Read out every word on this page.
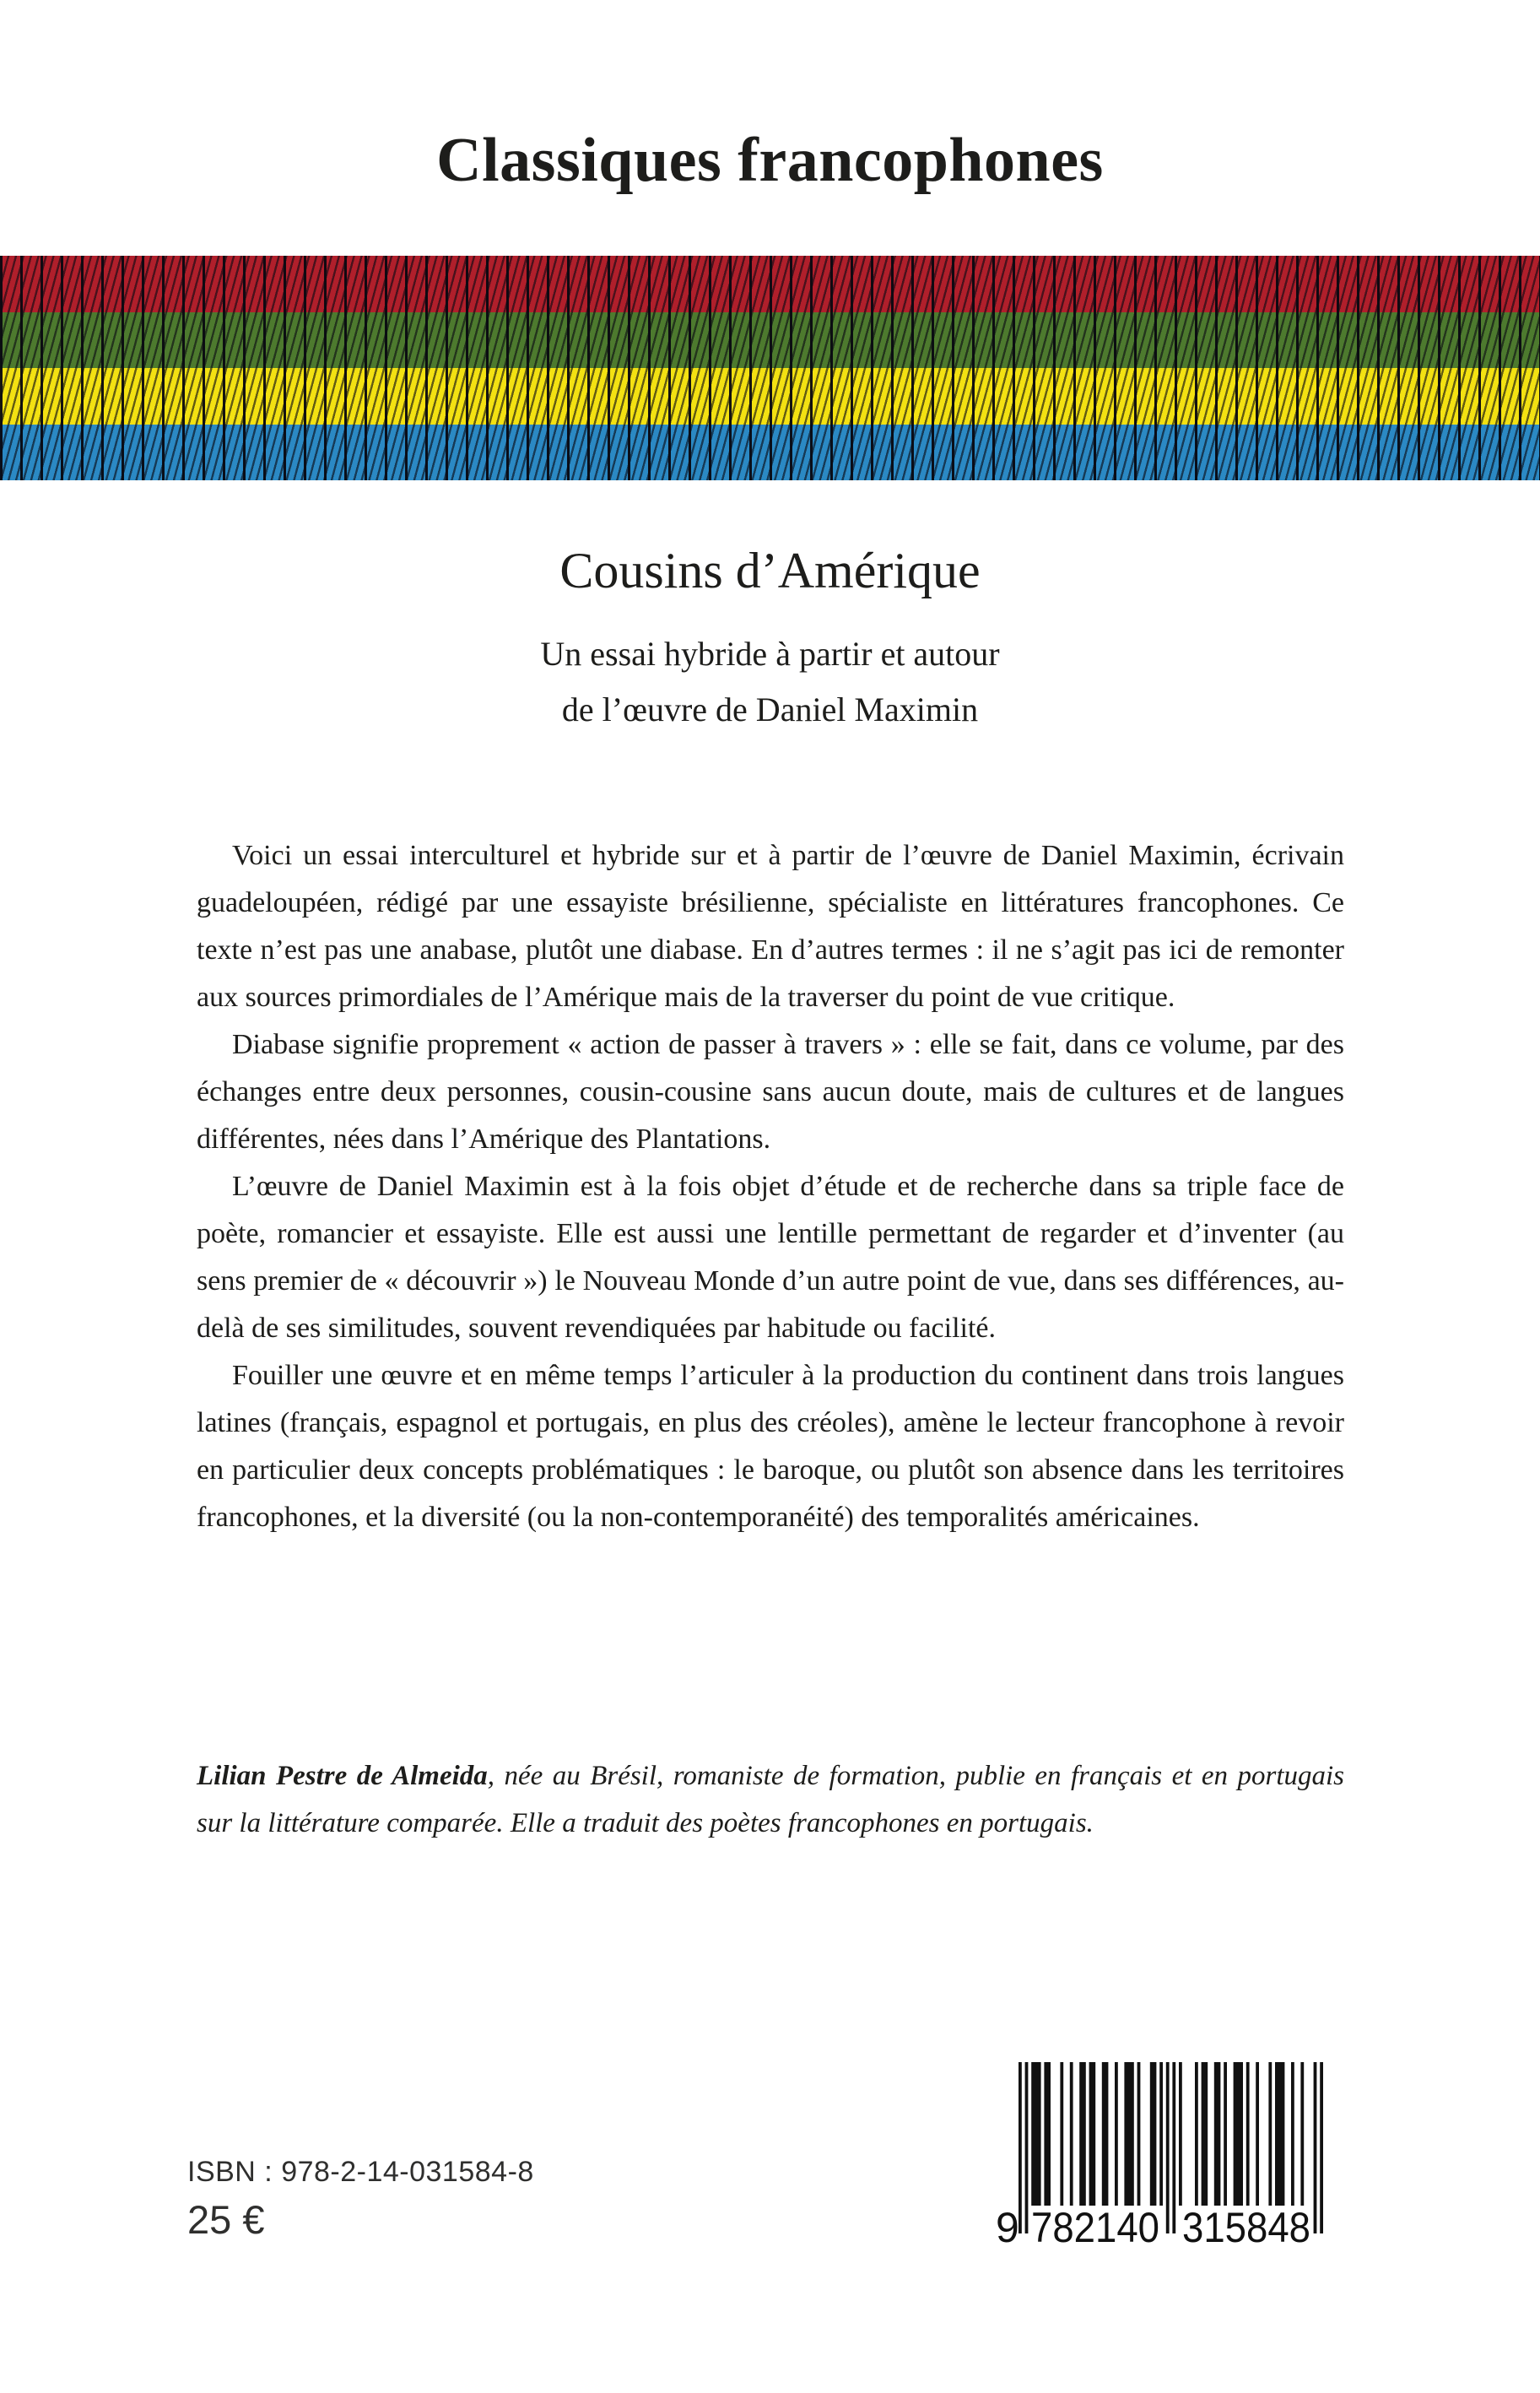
Classiques francophones
Cousins d’Amérique
Un essai hybride à partir et autour
de l’œuvre de Daniel Maximin

Voici un essai interculturel et hybride sur et à partir de l’œuvre de Daniel Maximin, écrivain guadeloupéen, rédigé par une essayiste brésilienne, spécialiste en littératures francophones. Ce texte n’est pas une anabase, plutôt une diabase. En d’autres termes : il ne s’agit pas ici de remonter aux sources primordiales de l’Amérique mais de la traverser du point de vue critique.

Diabase signifie proprement « action de passer à travers » : elle se fait, dans ce volume, par des échanges entre deux personnes, cousin-cousine sans aucun doute, mais de cultures et de langues différentes, nées dans l’Amérique des Plantations.

L’œuvre de Daniel Maximin est à la fois objet d’étude et de recherche dans sa triple face de poète, romancier et essayiste. Elle est aussi une lentille permettant de regarder et d’inventer (au sens premier de « découvrir ») le Nouveau Monde d’un autre point de vue, dans ses différences, au-delà de ses similitudes, souvent revendiquées par habitude ou facilité.

Fouiller une œuvre et en même temps l’articuler à la production du continent dans trois langues latines (français, espagnol et portugais, en plus des créoles), amène le lecteur francophone à revoir en particulier deux concepts problématiques : le baroque, ou plutôt son absence dans les territoires francophones, et la diversité (ou la non-contemporanéité) des temporalités américaines.

Lilian Pestre de Almeida, née au Brésil, romaniste de formation, publie en français et en portugais sur la littérature comparée. Elle a traduit des poètes francophones en portugais.
ISBN : 978-2-14-031584-8
25 €	9 782140 315848
